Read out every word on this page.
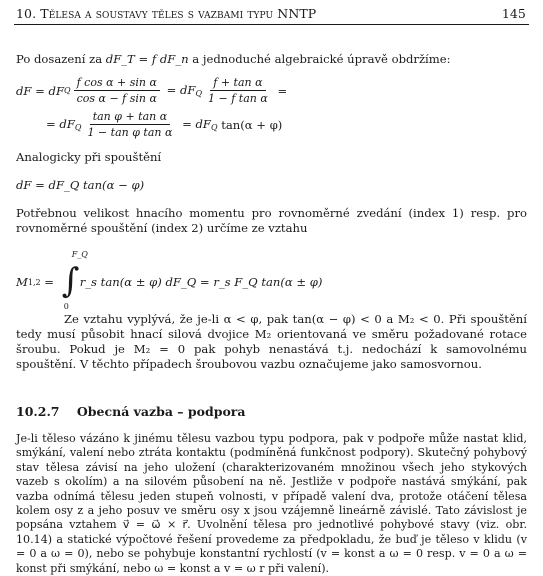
10. Tělesa a soustavy těles s vazbami typu NNTP	145
Po dosazení za dF_T = f dF_n a jednoduché algebraické úpravě obdržíme:
dF = dF Q $\frac{\text{f cos α + sin α}}{\text{cos α − f sin α}} = dF_Q \frac{\text{f + tan α}}{\text{1 − f tan α}}$ =
= $dF_Q \frac{\text{tan φ + tan α}}{\text{1 − tan φ tan α}} = dF_Q$ tan(α + φ)
Analogicky při spouštění
dF = dF_Q tan(α − φ)
Potřebnou velikost hnacího momentu pro rovnoměrné zvedání (index 1) resp. pro rovnoměrné spouštění (index 2) určíme ze vztahu
M 1,2 = ∫
F_Q
0
r_s tan(α ± φ) dF_Q = r_s F_Q tan(α ± φ)
Ze vztahu vyplývá, že je-li α < φ, pak tan(α − φ) < 0 a M₂ < 0. Při spouštění tedy musí působit hnací silová dvojice M₂ orientovaná ve směru požadované rotace šroubu. Pokud je M₂ = 0 pak pohyb nenastává t.j. nedochází k samovolnému spouštění. V těchto případech šroubovou vazbu označujeme jako samosvornou.
10.2.7 Obecná vazba – podpora
Je-li těleso vázáno k jinému tělesu vazbou typu podpora, pak v podpoře může nastat klid, smýkání, valení nebo ztráta kontaktu (podmíněná funkčnost podpory). Skutečný pohybový stav tělesa závisí na jeho uložení (charakterizovaném množinou všech jeho stykových vazeb s okolím) a na silovém působení na ně. Jestliže v podpoře nastává smýkání, pak vazba odnímá tělesu jeden stupeň volnosti, v případě valení dva, protože otáčení tělesa kolem osy z a jeho posuv ve směru osy x jsou vzájemně lineárně závislé. Tato závislost je popsána vztahem v⃗ = ω⃗ × r⃗. Uvolnění tělesa pro jednotlivé pohybové stavy (viz. obr. 10.14) a statické výpočtové řešení provedeme za předpokladu, že buď je těleso v klidu (v = 0 a ω = 0), nebo se pohybuje konstantní rychlostí (v = konst a ω = 0 resp. v = 0 a ω = konst při smýkání, nebo ω = konst a v = ω r při valení).
